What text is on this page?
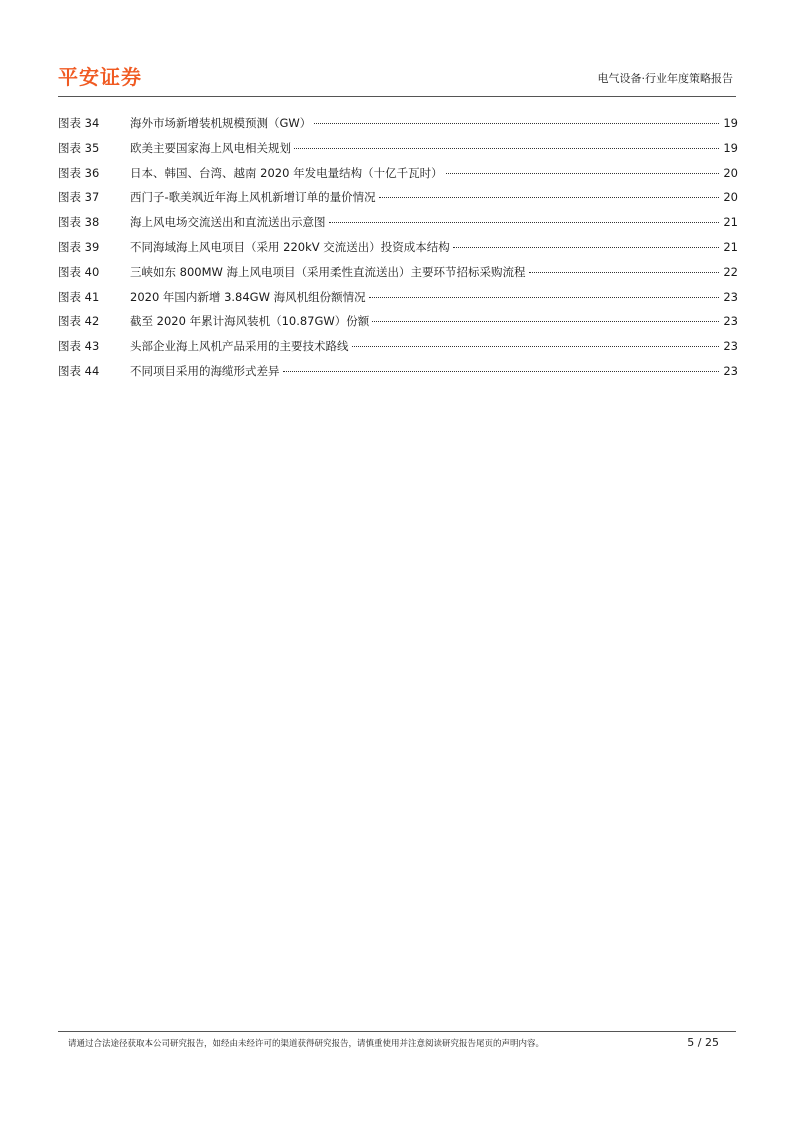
平安证券	电气设备·行业年度策略报告
图表 34	海外市场新增装机规模预测（GW）	19
图表 35	欧美主要国家海上风电相关规划	19
图表 36	日本、韩国、台湾、越南 2020 年发电量结构（十亿千瓦时）	20
图表 37	西门子-歌美飒近年海上风机新增订单的量价情况	20
图表 38	海上风电场交流送出和直流送出示意图	21
图表 39	不同海域海上风电项目（采用 220kV 交流送出）投资成本结构	21
图表 40	三峡如东 800MW 海上风电项目（采用柔性直流送出）主要环节招标采购流程	22
图表 41	2020 年国内新增 3.84GW 海风机组份额情况	23
图表 42	截至 2020 年累计海风装机（10.87GW）份额	23
图表 43	头部企业海上风机产品采用的主要技术路线	23
图表 44	不同项目采用的海缆形式差异	23
请通过合法途径获取本公司研究报告，如经由未经许可的渠道获得研究报告，请慎重使用并注意阅读研究报告尾页的声明内容。	5 / 25
